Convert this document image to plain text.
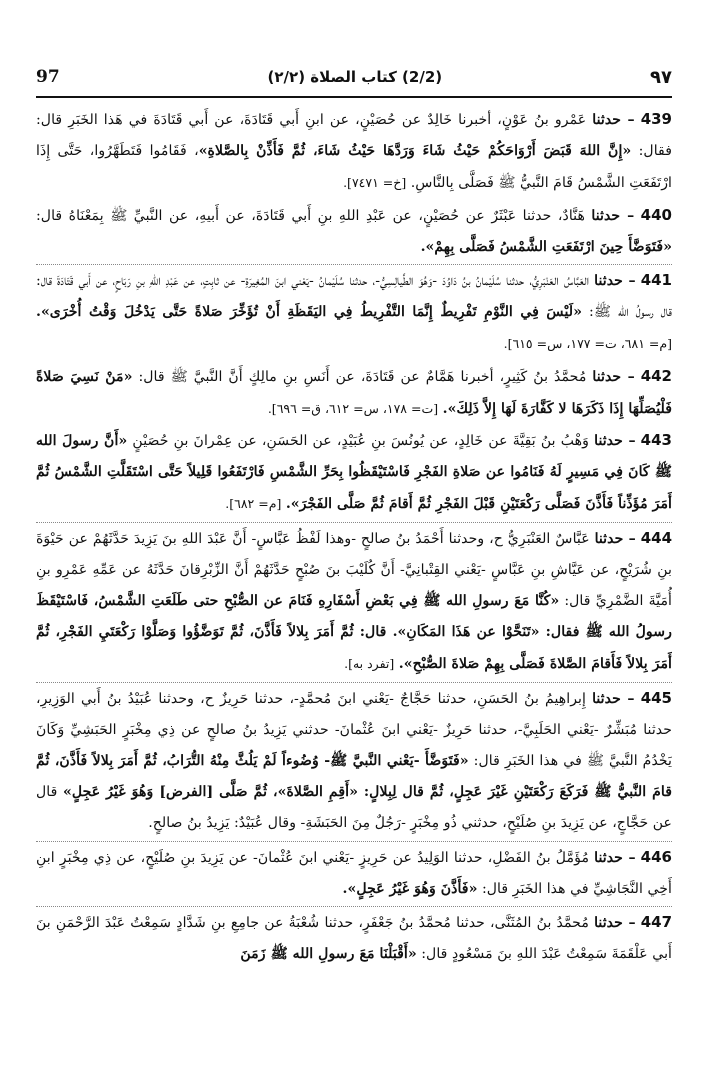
97	(2/2) كتاب الصلاة (٢/٢)	٩٧

439 – حدثنا عَمْرو بنُ عَوْنٍ، أخبرنا خَالِدٌ عن حُصَيْنٍ، عن ابنِ أَبي قَتَادَةَ، عن أَبي قَتَادَةَ في هَذا الخَبَرِ قال: فقال: «إِنَّ اللهَ قَبَضَ أَرْوَاحَكُمْ حَيْثُ شَاءَ وَرَدَّهَا حَيْثُ شَاءَ، ثُمَّ فَأَذِّنْ بِالصَّلاةِ»، فَقَامُوا فَتَطَهَّرُوا، حَتَّى إِذَا ارْتَفَعَتِ الشَّمْسُ قَامَ النَّبيُّ ﷺ فَصَلَّى بِالنَّاسِ. [خ= ٧٤٧١].

440 – حدثنا هَنَّادٌ، حدثنا عَبْثَرٌ عن حُصَيْنٍ، عن عَبْدِ اللهِ بنِ أَبي قَتَادَةَ، عن أَبيهِ، عن النَّبيِّ ﷺ بِمَعْنَاهُ قال: «فَتَوَضَّأَ حِينَ ارْتَفَعَتِ الشَّمْسُ فَصَلَّى بِهِمْ».

441 – حدثنا العَبَّاسُ العَنْبَرِيُّ، حدثنا سُلَيْمانُ بنُ دَاوُدَ -وَهُوَ الطَّيالِسِيُّ-، حدثنا سُلَيْمانُ -يَعْني ابنَ المُغِيرَةِ- عن ثابِتٍ، عن عَبْدِ اللهِ بنِ رَبَاحٍ، عن أَبي قَتَادَةَ قال: قال رسولُ الله ﷺ: «لَيْسَ فِي النَّوْمِ تَفْرِيطٌ إِنَّمَا التَّفْرِيطُ فِي اليَقَظَةِ أَنْ تُؤَخِّرَ صَلاةً حَتَّى يَدْخُلَ وَقْتُ أُخْرَى». [م= ٦٨١، ت= ١٧٧، س= ٦١٥].

442 – حدثنا مُحمَّدُ بنُ كَثِيرٍ، أخبرنا هَمَّامٌ عن قَتَادَةَ، عن أَنَسِ بنِ مالِكٍ أَنَّ النَّبيَّ ﷺ قال: «مَنْ نَسِيَ صَلاةً فَلْيُصَلِّهَا إِذَا ذَكَرَهَا لا كَفَّارَةَ لَهَا إِلاَّ ذَلِكَ». [ت= ١٧٨، س= ٦١٢، ق= ٦٩٦].

443 – حدثنا وَهْبُ بنُ بَقِيَّةَ عن خَالِدٍ، عن يُونُسَ بنِ عُبَيْدٍ، عن الحَسَنِ، عن عِمْرانَ بنِ حُصَيْنٍ «أَنَّ رسولَ الله ﷺ كَانَ فِي مَسِيرٍ لَهُ فَنَامُوا عن صَلاةِ الفَجْرِ فَاسْتَيْقَظُوا بِحَرِّ الشَّمْسِ فَارْتَفَعُوا قَلِيلاً حَتَّى اسْتَقَلَّتِ الشَّمْسُ ثُمَّ أَمَرَ مُؤَذِّناً فَأَذَّنَ فَصَلَّى رَكْعَتَيْنِ قَبْلَ الفَجْرِ ثُمَّ أَقامَ ثُمَّ صَلَّى الفَجْرَ». [م= ٦٨٢].

444 – حدثنا عَبَّاسٌ العَنْبَرِيُّ ح، وحدثنا أَحْمَدُ بنُ صالحٍ -وهذا لَفْظُ عَبَّاسٍ- أَنَّ عَبْدَ اللهِ بنَ يَزِيدَ حَدَّثَهُمْ عن حَيْوَةَ بنِ شُرَيْحٍ، عن عَيَّاشِ بنِ عَبَّاسٍ -يَعْني القِتْبانِيَّ- أَنَّ كُلَيْبَ بنَ صُبْحٍ حَدَّثَهُمْ أَنَّ الزِّبْرِقانَ حَدَّثَهُ عن عَمِّهِ عَمْرِو بنِ أُمَيَّةَ الضَّمْرِيِّ قال: «كُنَّا مَعَ رسولِ الله ﷺ فِي بَعْضِ أَسْفَارِهِ فَنَامَ عن الصُّبْحِ حتى طَلَعَتِ الشَّمْسُ، فَاسْتَيْقَظَ رسولُ الله ﷺ فقال: «تَنَحَّوْا عن هَذَا المَكَانِ». قال: ثُمَّ أَمَرَ بِلالاً فَأَذَّنَ، ثُمَّ تَوَضَّؤُوا وَصَلَّوْا رَكْعَتَيِ الفَجْرِ، ثُمَّ أَمَرَ بِلالاً فَأَقامَ الصَّلاةَ فَصَلَّى بِهِمْ صَلاةَ الصُّبْحِ». [تفرد به].

445 – حدثنا إِبراهِيمُ بنُ الحَسَنِ، حدثنا حَجَّاجٌ -يَعْني ابنَ مُحمَّدٍ-، حدثنا حَرِيزٌ ح، وحدثنا عُبَيْدُ بنُ أَبي الوَزِيرِ، حدثنا مُبَشِّرٌ -يَعْني الحَلَبِيَّ-، حدثنا حَرِيزٌ -يَعْني ابنَ عُثْمانَ- حدثني يَزِيدُ بنُ صالحٍ عن ذِي مِخْبَرٍ الحَبَشِيِّ وَكَانَ يَخْدُمُ النَّبيَّ ﷺ في هذا الخَبَرِ قال: «فَتَوَضَّأَ -يَعْني النَّبيَّ ﷺ- وُضُوءاً لَمْ يَلُثَّ مِنْهُ التُّرَابُ، ثُمَّ أَمَرَ بِلالاً فَأَذَّنَ، ثُمَّ قامَ النَّبيُّ ﷺ فَرَكَعَ رَكْعَتَيْنِ غَيْرَ عَجِلٍ، ثُمَّ قال لِبِلالٍ: «أَقِمِ الصَّلاةَ»، ثُمَّ صَلَّى [الفرض] وَهُوَ غَيْرُ عَجِلٍ» قال عن حَجَّاجٍ، عن يَزِيدَ بنِ صُلَيْحٍ، حدثني ذُو مِخْبَرٍ -رَجُلٌ مِنَ الحَبَشَةِ- وقال عُبَيْدٌ: يَزِيدُ بنُ صالحٍ.

446 – حدثنا مُؤَمَّلُ بنُ الفَضْلِ، حدثنا الوَلِيدُ عن حَرِيزٍ -يَعْني ابنَ عُثْمانَ- عن يَزِيدَ بنِ صُلَيْحٍ، عن ذِي مِخْبَرٍ ابنِ أَخِي النَّجَاشِيِّ في هذا الخَبَرِ قال: «فَأَذَّنَ وَهُوَ غَيْرُ عَجِلٍ».

447 – حدثنا مُحمَّدُ بنُ المُثَنَّى، حدثنا مُحمَّدُ بنُ جَعْفَرٍ، حدثنا شُعْبَةُ عن جامِعِ بنِ شَدَّادٍ سَمِعْتُ عَبْدَ الرَّحْمَنِ بنَ أَبي عَلْقَمَةَ سَمِعْتُ عَبْدَ اللهِ بنَ مَسْعُودٍ قال: «أَقْبَلْنَا مَعَ رسولِ الله ﷺ زَمَنَ
